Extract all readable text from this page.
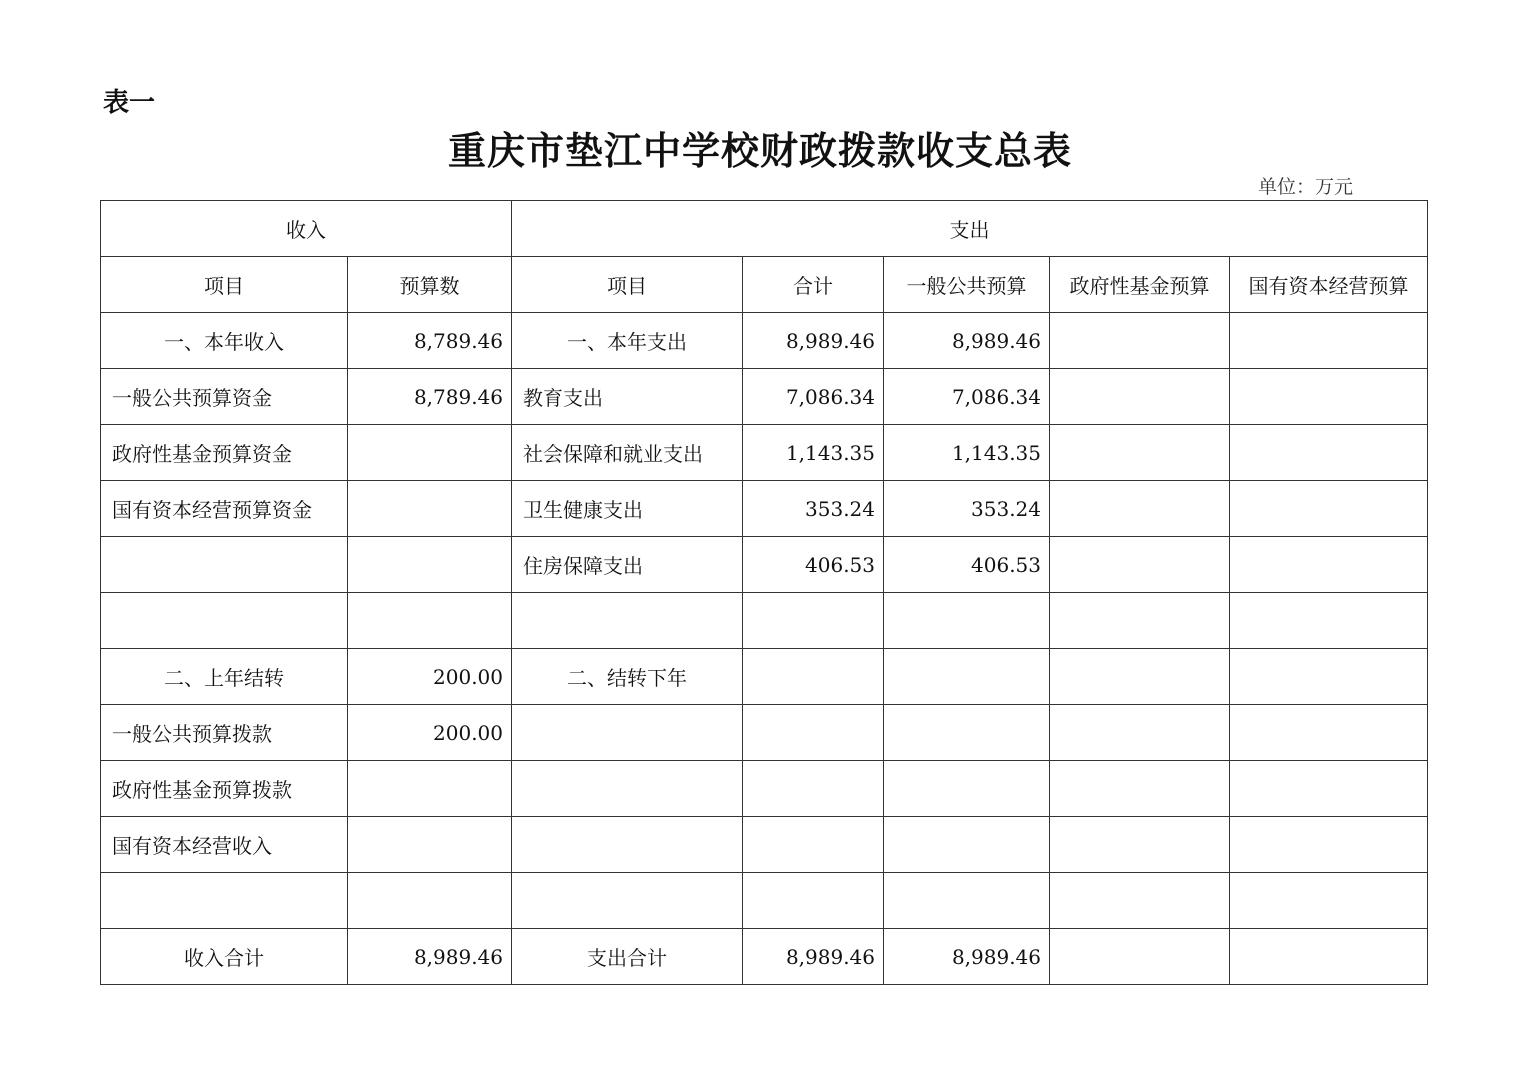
表一
重庆市垫江中学校财政拨款收支总表
单位：万元
收入		支出				
项目	预算数	项目	合计	一般公共预算	政府性基金预算	国有资本经营预算
一、本年收入	8,789.46	一、本年支出	8,989.46	8,989.46		
一般公共预算资金	8,789.46	教育支出	7,086.34	7,086.34		
政府性基金预算资金		社会保障和就业支出	1,143.35	1,143.35		
国有资本经营预算资金		卫生健康支出	353.24	353.24		
		住房保障支出	406.53	406.53		

二、上年结转	200.00	二、结转下年				
一般公共预算拨款	200.00					
政府性基金预算拨款						
国有资本经营收入						

收入合计	8,989.46	支出合计	8,989.46	8,989.46		
